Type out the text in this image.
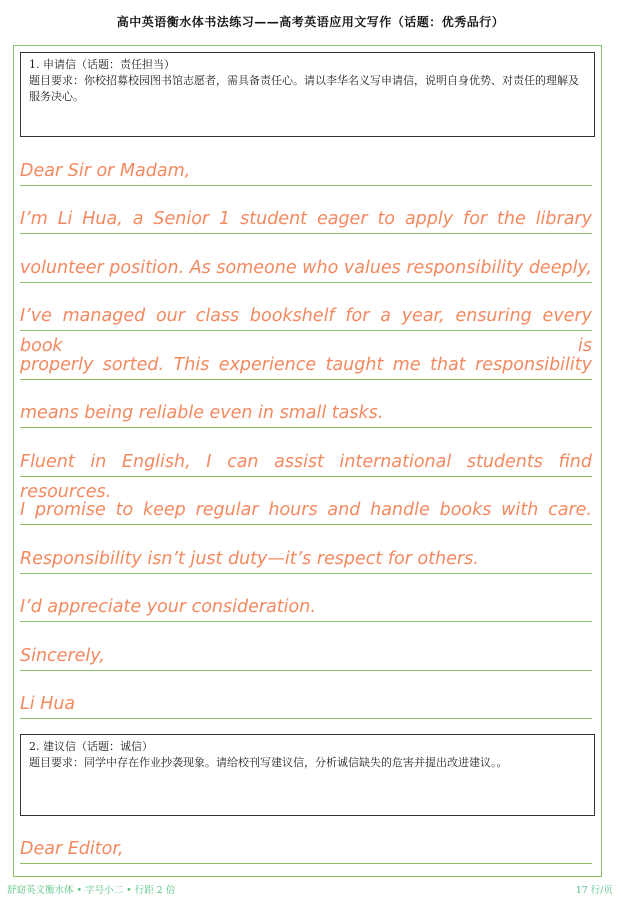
高中英语衡水体书法练习——高考英语应用文写作（话题：优秀品行）
1. 申请信（话题：责任担当）
题目要求：你校招募校园图书馆志愿者，需具备责任心。请以李华名义写申请信，说明自身优势、对责任的理解及服务决心。
Dear Sir or Madam,
I’m Li Hua, a Senior 1 student eager to apply for the library
volunteer position. As someone who values responsibility deeply,
I’ve managed our class bookshelf for a year, ensuring every book is
properly sorted. This experience taught me that responsibility
means being reliable even in small tasks.
Fluent in English, I can assist international students find resources.
I promise to keep regular hours and handle books with care.
Responsibility isn’t just duty—it’s respect for others.
I’d appreciate your consideration.
Sincerely,
Li Hua
2. 建议信（话题：诚信）
题目要求：同学中存在作业抄袭现象。请给校刊写建议信，分析诚信缺失的危害并提出改进建议。。
Dear Editor,
舒窈英文衡水体 • 字号小二 • 行距 2 倍	17 行/页
